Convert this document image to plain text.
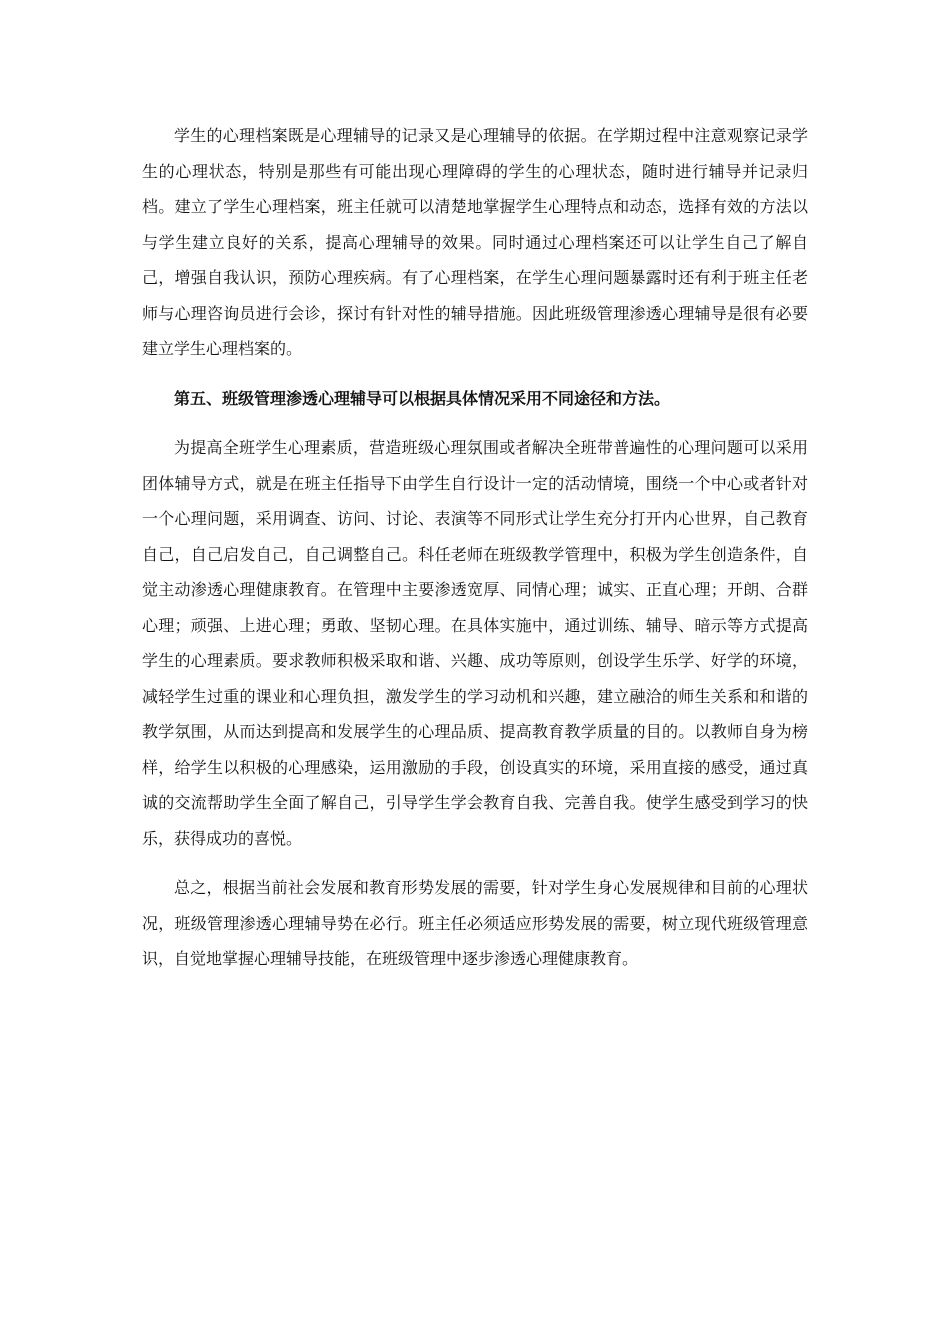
学生的心理档案既是心理辅导的记录又是心理辅导的依据。在学期过程中注意观察记录学生的心理状态，特别是那些有可能出现心理障碍的学生的心理状态，随时进行辅导并记录归档。建立了学生心理档案，班主任就可以清楚地掌握学生心理特点和动态，选择有效的方法以与学生建立良好的关系，提高心理辅导的效果。同时通过心理档案还可以让学生自己了解自己，增强自我认识，预防心理疾病。有了心理档案，在学生心理问题暴露时还有利于班主任老师与心理咨询员进行会诊，探讨有针对性的辅导措施。因此班级管理渗透心理辅导是很有必要建立学生心理档案的。

第五、班级管理渗透心理辅导可以根据具体情况采用不同途径和方法。

为提高全班学生心理素质，营造班级心理氛围或者解决全班带普遍性的心理问题可以采用团体辅导方式，就是在班主任指导下由学生自行设计一定的活动情境，围绕一个中心或者针对一个心理问题，采用调查、访问、讨论、表演等不同形式让学生充分打开内心世界，自己教育自己，自己启发自己，自己调整自己。科任老师在班级教学管理中，积极为学生创造条件，自觉主动渗透心理健康教育。在管理中主要渗透宽厚、同情心理；诚实、正直心理；开朗、合群心理；顽强、上进心理；勇敢、坚韧心理。在具体实施中，通过训练、辅导、暗示等方式提高学生的心理素质。要求教师积极采取和谐、兴趣、成功等原则，创设学生乐学、好学的环境，减轻学生过重的课业和心理负担，激发学生的学习动机和兴趣，建立融洽的师生关系和和谐的教学氛围，从而达到提高和发展学生的心理品质、提高教育教学质量的目的。以教师自身为榜样，给学生以积极的心理感染，运用激励的手段，创设真实的环境，采用直接的感受，通过真诚的交流帮助学生全面了解自己，引导学生学会教育自我、完善自我。使学生感受到学习的快乐，获得成功的喜悦。

总之，根据当前社会发展和教育形势发展的需要，针对学生身心发展规律和目前的心理状况，班级管理渗透心理辅导势在必行。班主任必须适应形势发展的需要，树立现代班级管理意识，自觉地掌握心理辅导技能，在班级管理中逐步渗透心理健康教育。
